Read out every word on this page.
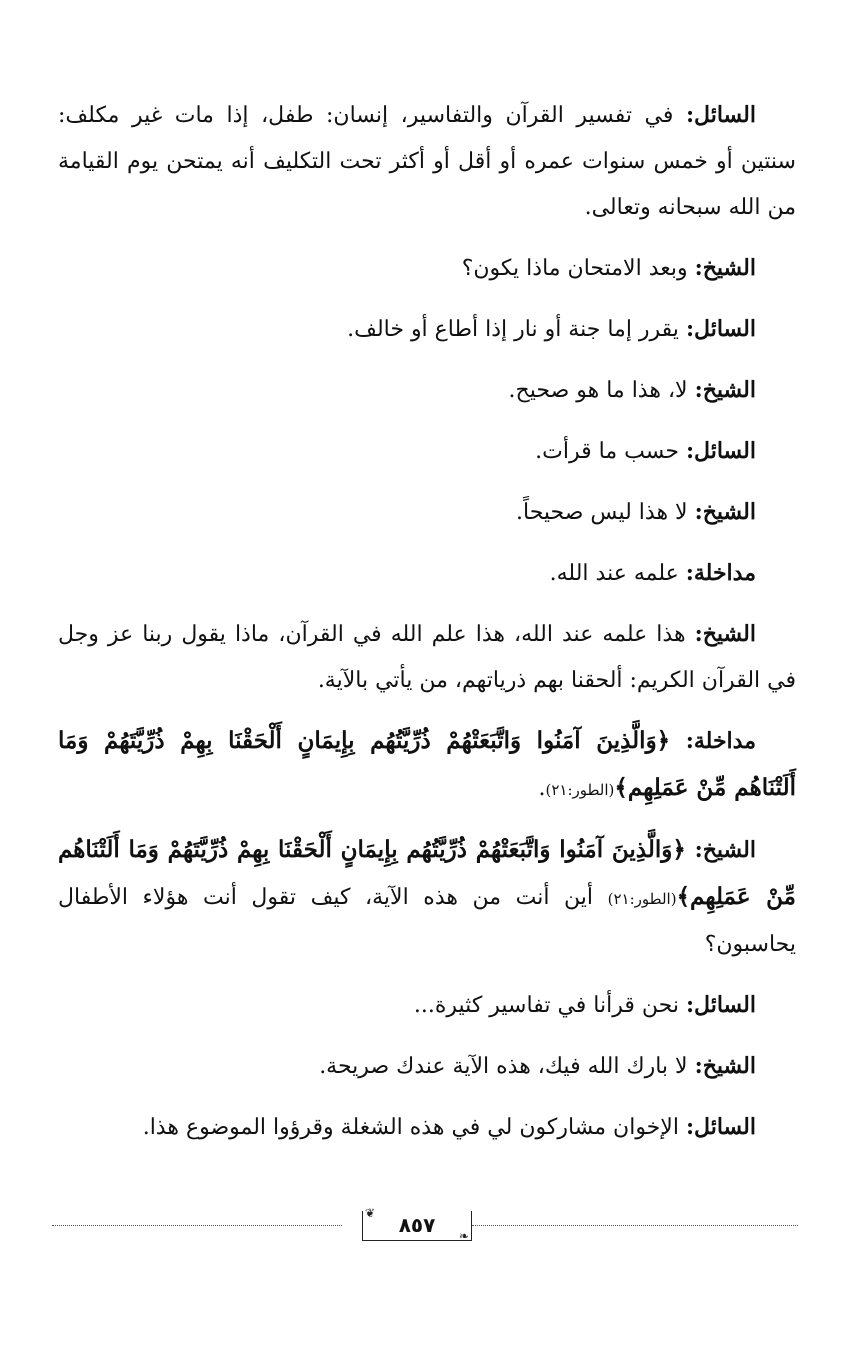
السائل: في تفسير القرآن والتفاسير، إنسان: طفل، إذا مات غير مكلف: سنتين أو خمس سنوات عمره أو أقل أو أكثر تحت التكليف أنه يمتحن يوم القيامة من الله سبحانه وتعالى.

الشيخ: وبعد الامتحان ماذا يكون؟

السائل: يقرر إما جنة أو نار إذا أطاع أو خالف.

الشيخ: لا، هذا ما هو صحيح.

السائل: حسب ما قرأت.

الشيخ: لا هذا ليس صحيحاً.

مداخلة: علمه عند الله.

الشيخ: هذا علمه عند الله، هذا علم الله في القرآن، ماذا يقول ربنا عز وجل في القرآن الكريم: ألحقنا بهم ذرياتهم، من يأتي بالآية.

مداخلة: ﴿وَالَّذِينَ آمَنُوا وَاتَّبَعَتْهُمْ ذُرِّيَّتُهُم بِإِيمَانٍ أَلْحَقْنَا بِهِمْ ذُرِّيَّتَهُمْ وَمَا أَلَتْنَاهُم مِّنْ عَمَلِهِم﴾(الطور:٢١).

الشيخ: ﴿وَالَّذِينَ آمَنُوا وَاتَّبَعَتْهُمْ ذُرِّيَّتُهُم بِإِيمَانٍ أَلْحَقْنَا بِهِمْ ذُرِّيَّتَهُمْ وَمَا أَلَتْنَاهُم مِّنْ عَمَلِهِم﴾(الطور:٢١) أين أنت من هذه الآية، كيف تقول أنت هؤلاء الأطفال يحاسبون؟

السائل: نحن قرأنا في تفاسير كثيرة...

الشيخ: لا بارك الله فيك، هذه الآية عندك صريحة.

السائل: الإخوان مشاركون لي في هذه الشغلة وقرؤوا الموضوع هذا.

❦	٨٥٧	❧
